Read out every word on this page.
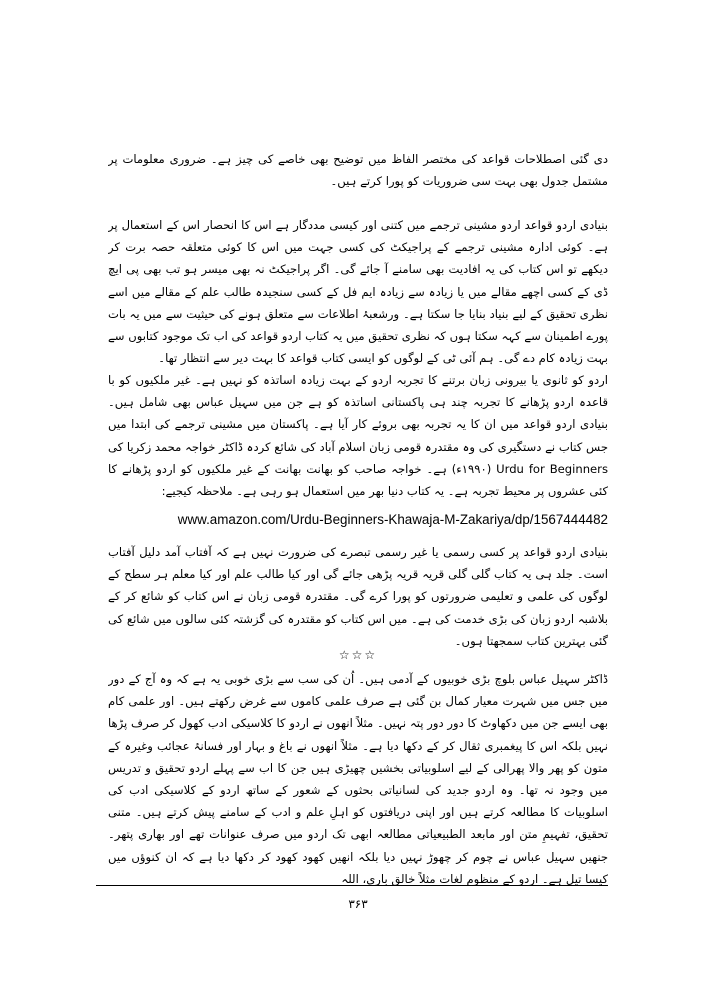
دی گئی اصطلاحات قواعد کی مختصر الفاظ میں توضیح بھی خاصے کی چیز ہے۔ ضروری معلومات پر مشتمل جدول بھی بہت سی ضروریات کو پورا کرتے ہیں۔

بنیادی اردو قواعد اردو مشینی ترجمے میں کتنی اور کیسی مددگار ہے اس کا انحصار اس کے استعمال پر ہے۔ کوئی ادارہ مشینی ترجمے کے پراجیکٹ کی کسی جہت میں اس کا کوئی متعلقہ حصہ برت کر دیکھے تو اس کتاب کی یہ افادیت بھی سامنے آ جائے گی۔ اگر پراجیکٹ نہ بھی میسر ہو تب بھی پی ایچ ڈی کے کسی اچھے مقالے میں یا زیادہ سے زیادہ ایم فل کے کسی سنجیدہ طالب علم کے مقالے میں اسے نظری تحقیق کے لیے بنیاد بنایا جا سکتا ہے۔ ورشعبۂ اطلاعات سے متعلق ہونے کی حیثیت سے میں یہ بات پورے اطمینان سے کہہ سکتا ہوں کہ نظری تحقیق میں یہ کتاب اردو قواعد کی اب تک موجود کتابوں سے بہت زیادہ کام دے گی۔ ہم آئی ٹی کے لوگوں کو ایسی کتاب قواعد کا بہت دیر سے انتظار تھا۔

اردو کو ثانوی یا بیرونی زبان برتنے کا تجربہ اردو کے بہت زیادہ اساتذہ کو نہیں ہے۔ غیر ملکیوں کو با قاعدہ اردو پڑھانے کا تجربہ چند ہی پاکستانی اساتذہ کو ہے جن میں سہیل عباس بھی شامل ہیں۔ بنیادی اردو قواعد میں ان کا یہ تجربہ بھی بروئے کار آیا ہے۔ پاکستان میں مشینی ترجمے کی ابتدا میں جس کتاب نے دستگیری کی وہ مقتدرہ قومی زبان اسلام آباد کی شائع کردہ ڈاکٹر خواجہ محمد زکریا کی Urdu for Beginners (۱۹۹۰ء) ہے۔ خواجہ صاحب کو بھانت بھانت کے غیر ملکیوں کو اردو پڑھانے کا کئی عشروں پر محیط تجربہ ہے۔ یہ کتاب دنیا بھر میں استعمال ہو رہی ہے۔ ملاحظہ کیجیے:

www.amazon.com/Urdu-Beginners-Khawaja-M-Zakariya/dp/1567444482

بنیادی اردو قواعد پر کسی رسمی یا غیر رسمی تبصرے کی ضرورت نہیں ہے کہ آفتاب آمد دلیل آفتاب است۔ جلد ہی یہ کتاب گلی گلی قریہ قریہ پڑھی جائے گی اور کیا طالب علم اور کیا معلم ہر سطح کے لوگوں کی علمی و تعلیمی ضرورتوں کو پورا کرے گی۔ مقتدرہ قومی زبان نے اس کتاب کو شائع کر کے بلاشبہ اردو زبان کی بڑی خدمت کی ہے۔ میں اس کتاب کو مقتدرہ کی گزشتہ کئی سالوں میں شائع کی گئی بہترین کتاب سمجھتا ہوں۔

☆☆☆

ڈاکٹر سہیل عباس بلوچ بڑی خوبیوں کے آدمی ہیں۔ اُن کی سب سے بڑی خوبی یہ ہے کہ وہ آج کے دور میں جس میں شہرت معیار کمال بن گئی ہے صرف علمی کاموں سے غرض رکھتے ہیں۔ اور علمی کام بھی ایسے جن میں دکھاوٹ کا دور دور پتہ نہیں۔ مثلاً انھوں نے اردو کا کلاسیکی ادب کھول کر صرف پڑھا نہیں بلکہ اس کا پیغمبری ثقال کر کے دکھا دیا ہے۔ مثلاً انھوں نے باغ و بہار اور فسانۂ عجائب وغیرہ کے متون کو پھر والا پھرالی کے لیے اسلوبیاتی بخشیں چھیڑی ہیں جن کا اب سے پہلے اردو تحقیق و تدریس میں وجود نہ تھا۔ وہ اردو جدید کی لسانیاتی بحثوں کے شعور کے ساتھ اردو کے کلاسیکی ادب کی اسلوبیات کا مطالعہ کرتے ہیں اور اپنی دریافتوں کو اہلِ علم و ادب کے سامنے پیش کرتے ہیں۔ متنی تحقیق، تفہیمِ متن اور مابعد الطبیعیاتی مطالعہ ابھی تک اردو میں صرف عنوانات تھے اور بھاری پتھر۔ جنھیں سہیل عباس نے چوم کر چھوڑ نہیں دیا بلکہ انھیں کھود کھود کر دکھا دیا ہے کہ ان کنوؤں میں کیسا تیل ہے۔ اردو کے منظوم لغات مثلاً خالق باری، اللہ

۳۶۳
